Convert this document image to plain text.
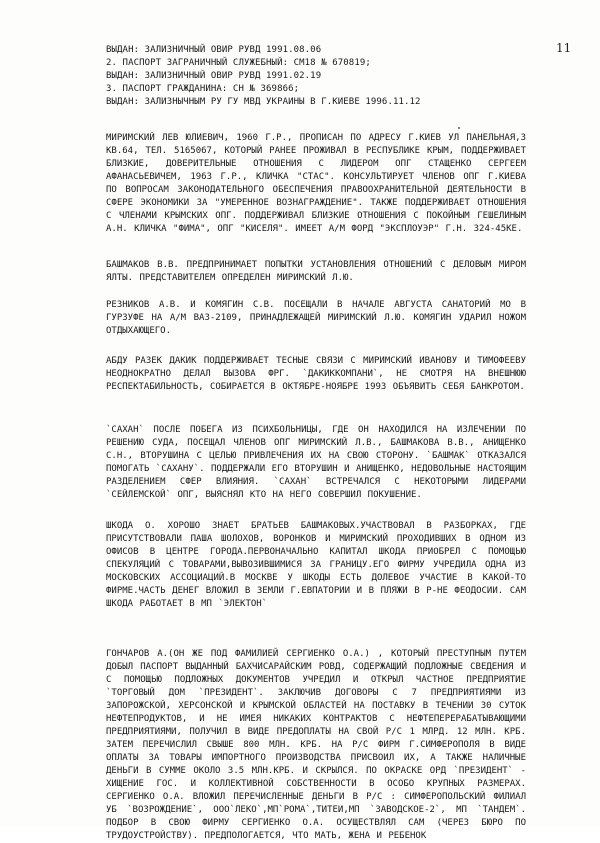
11
ВЫДАН: ЗАЛИЗНИЧНЫЙ ОВИР РУВД 1991.08.06
2. ПАСПОРТ ЗАГРАНИЧНЫЙ СЛУЖЕБНЫЙ: СМ18 № 670819;
ВЫДАН: ЗАЛИЗНИЧНЫЙ ОВИР РУВД 1991.02.19
3. ПАСПОРТ ГРАЖДАНИНА: СН № 369866;
ВЫДАН: ЗАЛИЗНЫЧНЫМ РУ ГУ МВД УКРАИНЫ В Г.КИЕВЕ 1996.11.12
МИРИМСКИЙ ЛЕВ ЮЛИЕВИЧ, 1960 Г.Р., ПРОПИСАН ПО АДРЕСУ Г.КИЕВ УЛ ПАНЕЛЬНАЯ,3 КВ.64, ТЕЛ. 5165067, КОТОРЫЙ РАНЕЕ ПРОЖИВАЛ В РЕСПУБЛИКЕ КРЫМ, ПОДДЕРЖИВАЕТ БЛИЗКИЕ, ДОВЕРИТЕЛЬНЫЕ ОТНОШЕНИЯ С ЛИДЕРОМ ОПГ СТАЩЕНКО СЕРГЕЕМ АФАНАСЬЕВИЧЕМ, 1963 Г.Р., КЛИЧКА "СТАС". КОНСУЛЬТИРУЕТ ЧЛЕНОВ ОПГ Г.КИЕВА ПО ВОПРОСАМ ЗАКОНОДАТЕЛЬНОГО ОБЕСПЕЧЕНИЯ ПРАВООХРАНИТЕЛЬНОЙ ДЕЯТЕЛЬНОСТИ В СФЕРЕ ЭКОНОМИКИ ЗА "УМЕРЕННОЕ ВОЗНАГРАЖДЕНИЕ". ТАКЖЕ ПОДДЕРЖИВАЕТ ОТНОШЕНИЯ С ЧЛЕНАМИ КРЫМСКИХ ОПГ. ПОДДЕРЖИВАЛ БЛИЗКИЕ ОТНОШЕНИЯ С ПОКОЙНЫМ ГЕШЕЛИНЫМ А.Н. КЛИЧКА "ФИМА", ОПГ "КИСЕЛЯ". ИМЕЕТ А/М ФОРД "ЭКСПЛОУЭР" Г.Н. 324-45КЕ.
БАШМАКОВ В.В. ПРЕДПРИНИМАЕТ ПОПЫТКИ УСТАНОВЛЕНИЯ ОТНОШЕНИЙ С ДЕЛОВЫМ МИРОМ ЯЛТЫ. ПРЕДСТАВИТЕЛЕМ ОПРЕДЕЛЕН МИРИМСКИЙ Л.Ю.
РЕЗНИКОВ А.В. И КОМЯГИН С.В. ПОСЕЩАЛИ В НАЧАЛЕ АВГУСТА САНАТОРИЙ МО В ГУРЗУФЕ НА А/М ВАЗ-2109, ПРИНАДЛЕЖАЩЕЙ МИРИМСКИЙ Л.Ю. КОМЯГИН УДАРИЛ НОЖОМ ОТДЫХАЮЩЕГО.
АБДУ РАЗЕК ДАКИК ПОДДЕРЖИВАЕТ ТЕСНЫЕ СВЯЗИ С МИРИМСКИЙ ИВАНОВУ И ТИМОФЕЕВУ НЕОДНОКРАТНО ДЕЛАЛ ВЫЗОВА ФРГ. `ДАКИККОМПАНИ`, НЕ СМОТРЯ НА ВНЕШНЮЮ РЕСПЕКТАБИЛЬНОСТЬ, СОБИРАЕТСЯ В ОКТЯБРЕ-НОЯБРЕ 1993 ОБЪЯВИТЬ СЕБЯ БАНКРОТОМ.
`САХАН` ПОСЛЕ ПОБЕГА ИЗ ПСИХБОЛЬНИЦЫ, ГДЕ ОН НАХОДИЛСЯ НА ИЗЛЕЧЕНИИ ПО РЕШЕНИЮ СУДА, ПОСЕЩАЛ ЧЛЕНОВ ОПГ МИРИМСКИЙ Л.В., БАШМАКОВА В.В., АНИЩЕНКО С.Н., ВТОРУШИНА С ЦЕЛЬЮ ПРИВЛЕЧЕНИЯ ИХ НА СВОЮ СТОРОНУ. `БАШМАК` ОТКАЗАЛСЯ ПОМОГАТЬ `САХАНУ`. ПОДДЕРЖАЛИ ЕГО ВТОРУШИН И АНИЩЕНКО, НЕДОВОЛЬНЫЕ НАСТОЯЩИМ РАЗДЕЛЕНИЕМ СФЕР ВЛИЯНИЯ. `САХАН` ВСТРЕЧАЛСЯ С НЕКОТОРЫМИ ЛИДЕРАМИ `СЕЙЛЕМСКОЙ` ОПГ, ВЫЯСНЯЛ КТО НА НЕГО СОВЕРШИЛ ПОКУШЕНИЕ.
ШКОДА О. ХОРОШО ЗНАЕТ БРАТЬЕВ БАШМАКОВЫХ.УЧАСТВОВАЛ В РАЗБОРКАХ, ГДЕ ПРИСУТСТВОВАЛИ ПАША ШОЛОХОВ, ВОРОНКОВ И МИРИМСКИЙ ПРОХОДИВШИХ В ОДНОМ ИЗ ОФИСОВ В ЦЕНТРЕ ГОРОДА.ПЕРВОНАЧАЛЬНО КАПИТАЛ ШКОДА ПРИОБРЕЛ С ПОМОЩЬЮ СПЕКУЛЯЦИЙ С ТОВАРАМИ,ВЫВОЗИВШИМИСЯ ЗА ГРАНИЦУ.ЕГО ФИРМУ УЧРЕДИЛА ОДНА ИЗ МОСКОВСКИХ АССОЦИАЦИЙ.В МОСКВЕ У ШКОДЫ ЕСТЬ ДОЛЕВОЕ УЧАСТИЕ В КАКОЙ-ТО ФИРМЕ.ЧАСТЬ ДЕНЕГ ВЛОЖИЛ В ЗЕМЛИ Г.ЕВПАТОРИИ И В ПЛЯЖИ В Р-НЕ ФЕОДОСИИ. САМ ШКОДА РАБОТАЕТ В МП `ЭЛЕКТОН`
ГОНЧАРОВ А.(ОН ЖЕ ПОД ФАМИЛИЕЙ СЕРГИЕНКО О.А.) , КОТОРЫЙ ПРЕСТУПНЫМ ПУТЕМ ДОБЫЛ ПАСПОРТ ВЫДАННЫЙ БАХЧИСАРАЙСКИМ РОВД, СОДЕРЖАЩИЙ ПОДЛОЖНЫЕ СВЕДЕНИЯ И С ПОМОЩЬЮ ПОДЛОЖНЫХ ДОКУМЕНТОВ УЧРЕДИЛ И ОТКРЫЛ ЧАСТНОЕ ПРЕДПРИЯТИЕ `ТОРГОВЫЙ ДОМ `ПРЕЗИДЕНТ`. ЗАКЛЮЧИВ ДОГОВОРЫ С 7 ПРЕДПРИЯТИЯМИ ИЗ ЗАПОРОЖСКОЙ, ХЕРСОНСКОЙ И КРЫМСКОЙ ОБЛАСТЕЙ НА ПОСТАВКУ В ТЕЧЕНИИ 30 СУТОК НЕФТЕПРОДУКТОВ, И НЕ ИМЕЯ НИКАКИХ КОНТРАКТОВ С НЕФТЕПЕРЕРАБАТЫВАЮЩИМИ ПРЕДПРИЯТИЯМИ, ПОЛУЧИЛ В ВИДЕ ПРЕДОПЛАТЫ НА СВОЙ Р/С 1 МЛРД. 12 МЛН. КРБ. ЗАТЕМ ПЕРЕЧИСЛИЛ СВЫШЕ 800 МЛН. КРБ. НА Р/С ФИРМ Г.СИМФЕРОПОЛЯ В ВИДЕ ОПЛАТЫ ЗА ТОВАРЫ ИМПОРТНОГО ПРОИЗВОДСТВА ПРИСВОИЛ ИХ, А ТАКЖЕ НАЛИЧНЫЕ ДЕНЬГИ В СУММЕ ОКОЛО 3.5 МЛН.КРБ. И СКРЫЛСЯ. ПО ОКРАСКЕ ОРД `ПРЕЗИДЕНТ` - ХИЩЕНИЕ ГОС. И КОЛЛЕКТИВНОЙ СОБСТВЕННОСТИ В ОСОБО КРУПНЫХ РАЗМЕРАХ. СЕРГИЕНКО О.А. ВЛОЖИЛ ПЕРЕЧИСЛЕННЫЕ ДЕНЬГИ В Р/С : СИМФЕРОПОЛЬСКИЙ ФИЛИАЛ УБ `ВОЗРОЖДЕНИЕ`, ООО`ЛЕКО`,МП`РОМА`,ТИТЕИ,МП `ЗАВОДСКОЕ-2`, МП `ТАНДЕМ`. ПОДБОР В СВОЮ ФИРМУ СЕРГИЕНКО О.А. ОСУЩЕСТВЛЯЛ САМ (ЧЕРЕЗ БЮРО ПО ТРУДОУСТРОЙСТВУ). ПРЕДПОЛОГАЕТСЯ, ЧТО МАТЬ, ЖЕНА И РЕБЕНОК
